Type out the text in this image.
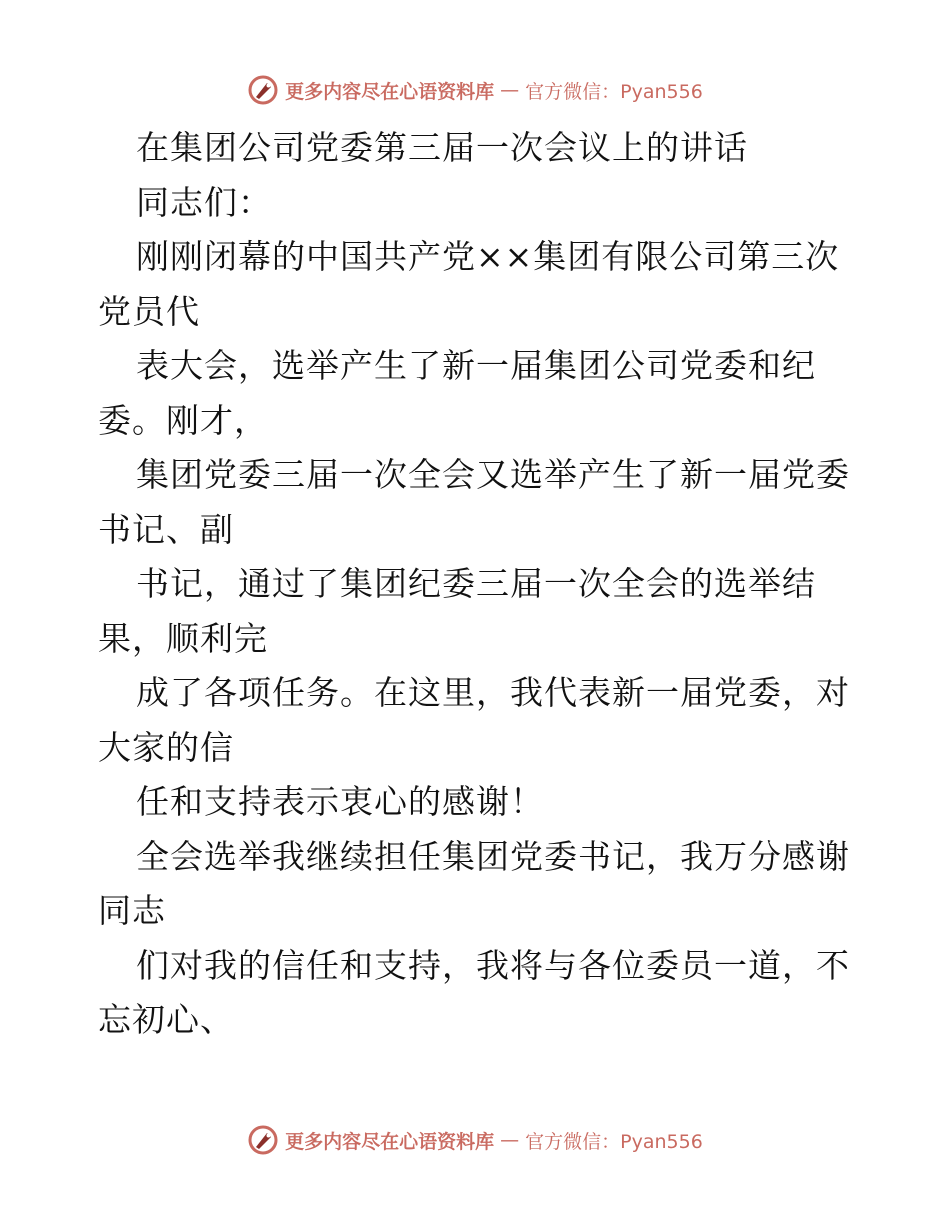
更多内容尽在心语资料库 — 官方微信：Pyan556
在集团公司党委第三届一次会议上的讲话
同志们：
刚刚闭幕的中国共产党××集团有限公司第三次
党员代
表大会，选举产生了新一届集团公司党委和纪
委。刚才，
集团党委三届一次全会又选举产生了新一届党委
书记、副
书记，通过了集团纪委三届一次全会的选举结
果，顺利完
成了各项任务。在这里，我代表新一届党委，对
大家的信
任和支持表示衷心的感谢！
全会选举我继续担任集团党委书记，我万分感谢
同志
们对我的信任和支持，我将与各位委员一道，不
忘初心、
更多内容尽在心语资料库 — 官方微信：Pyan556
